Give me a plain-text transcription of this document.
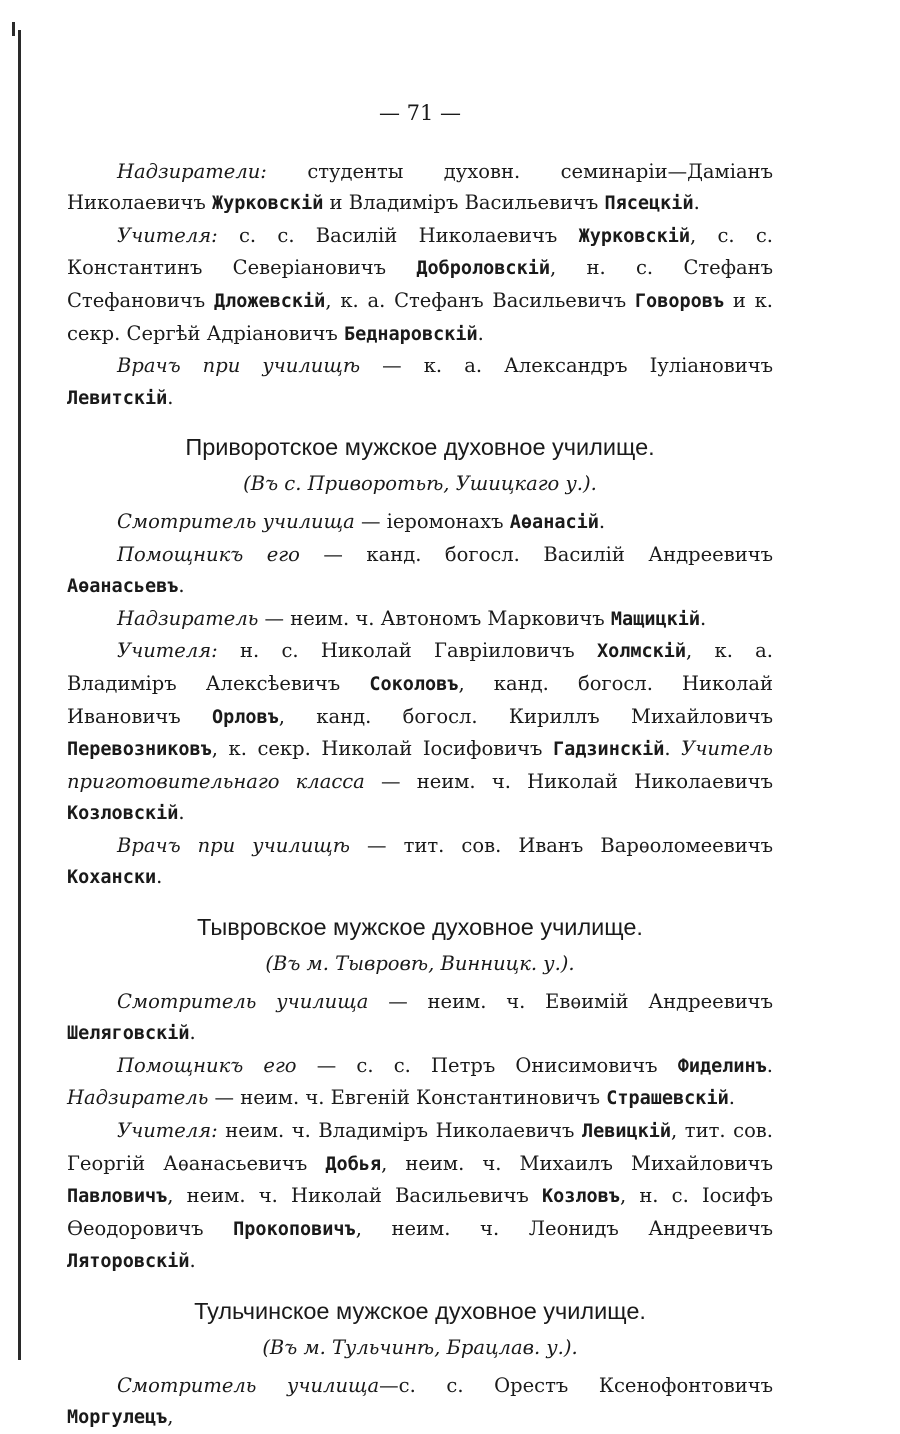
— 71 —

Надзиратели: студенты духовн. семинаріи—Даміанъ Николаевичъ Журковскій и Владиміръ Васильевичъ Пясецкій.

Учителя: с. с. Василій Николаевичъ Журковскій, с. с. Константинъ Северіановичъ Доброловскій, н. с. Стефанъ Стефановичъ Дложевскій, к. а. Стефанъ Васильевичъ Говоровъ и к. секр. Сергѣй Адріановичъ Беднаровскій.

Врачъ при училищѣ — к. а. Александръ Іуліановичъ Левитскій.

Приворотское мужское духовное училище.

(Въ с. Приворотьѣ, Ушицкаго у.).

Смотритель училища — іеромонахъ Аѳанасій.

Помощникъ его — канд. богосл. Василій Андреевичъ Аѳанасьевъ.

Надзиратель — неим. ч. Автономъ Марковичъ Мащицкій.

Учителя: н. с. Николай Гавріиловичъ Холмскій, к. а. Владиміръ Алексѣевичъ Соколовъ, канд. богосл. Николай Ивановичъ Орловъ, канд. богосл. Кириллъ Михайловичъ Перевозниковъ, к. секр. Николай Іосифовичъ Гадзинскій. Учитель приготовительнаго класса — неим. ч. Николай Николаевичъ Козловскій.

Врачъ при училищѣ — тит. сов. Иванъ Варѳоломеевичъ Кохански.

Тывровское мужское духовное училище.

(Въ м. Тывровѣ, Винницк. у.).

Смотритель училища — неим. ч. Евѳимій Андреевичъ Шеляговскій.

Помощникъ его — с. с. Петръ Онисимовичъ Фиделинъ. Надзиратель — неим. ч. Евгеній Константиновичъ Страшевскій.

Учителя: неим. ч. Владиміръ Николаевичъ Левицкій, тит. сов. Георгій Аѳанасьевичъ Добья, неим. ч. Михаилъ Михайловичъ Павловичъ, неим. ч. Николай Васильевичъ Козловъ, н. с. Іосифъ Ѳеодоровичъ Прокоповичъ, неим. ч. Леонидъ Андреевичъ Ляторовскій.

Тульчинское мужское духовное училище.

(Въ м. Тульчинѣ, Брацлав. у.).

Смотритель училища—с. с. Орестъ Ксенофонтовичъ Моргулецъ,
